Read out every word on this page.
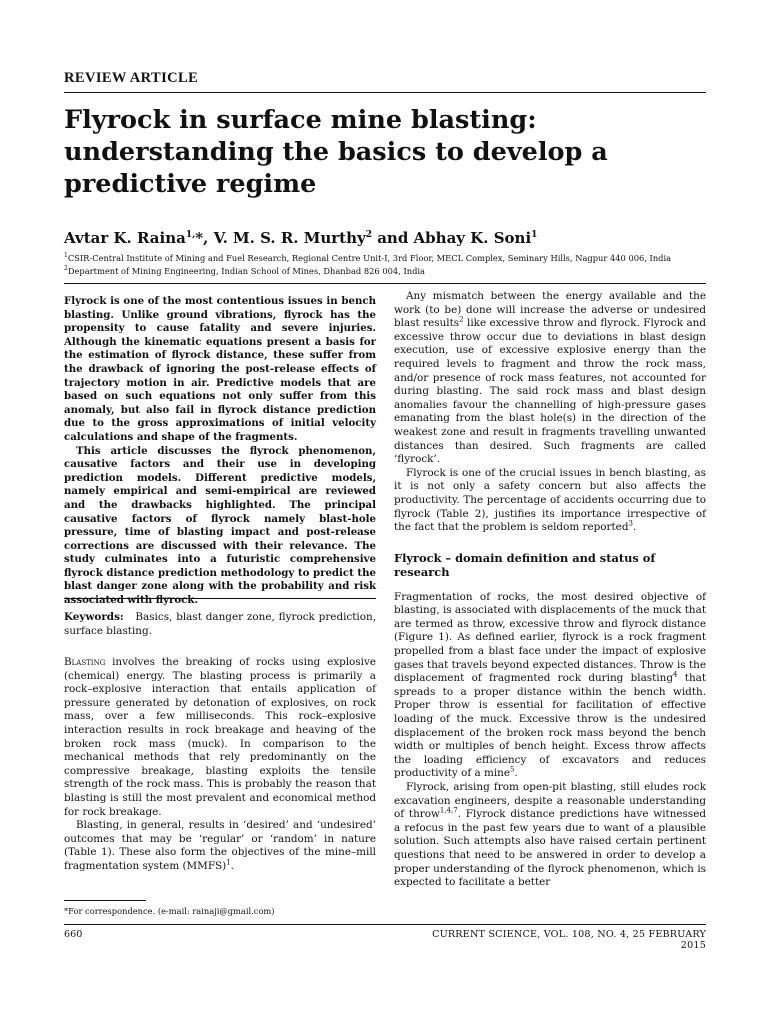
REVIEW ARTICLE
Flyrock in surface mine blasting:
understanding the basics to develop a
predictive regime
Avtar K. Raina$^{1,}$*, V. M. S. R. Murthy$^2$ and Abhay K. Soni$^1$
$^1$CSIR-Central Institute of Mining and Fuel Research, Regional Centre Unit-I, 3rd Floor, MECL Complex, Seminary Hills, Nagpur 440 006, India
$^2$Department of Mining Engineering, Indian School of Mines, Dhanbad 826 004, India

Flyrock is one of the most contentious issues in bench blasting. Unlike ground vibrations, flyrock has the propensity to cause fatality and severe injuries. Although the kinematic equations present a basis for the estimation of flyrock distance, these suffer from the drawback of ignoring the post-release effects of trajectory motion in air. Predictive models that are based on such equations not only suffer from this anomaly, but also fail in flyrock distance prediction due to the gross approximations of initial velocity calculations and shape of the fragments.

This article discusses the flyrock phenomenon, causative factors and their use in developing prediction models. Different predictive models, namely empirical and semi-empirical are reviewed and the drawbacks highlighted. The principal causative factors of flyrock namely blast-hole pressure, time of blasting impact and post-release corrections are discussed with their relevance. The study culminates into a futuristic comprehensive flyrock distance prediction methodology to predict the blast danger zone along with the probability and risk associated with flyrock.

Keywords: Basics, blast danger zone, flyrock prediction, surface blasting.

Blasting involves the breaking of rocks using explosive (chemical) energy. The blasting process is primarily a rock–explosive interaction that entails application of pressure generated by detonation of explosives, on rock mass, over a few milliseconds. This rock–explosive interaction results in rock breakage and heaving of the broken rock mass (muck). In comparison to the mechanical methods that rely predominantly on the compressive breakage, blasting exploits the tensile strength of the rock mass. This is probably the reason that blasting is still the most prevalent and economical method for rock breakage.

Blasting, in general, results in ‘desired’ and ‘undesired’ outcomes that may be ‘regular’ or ‘random’ in nature (Table 1). These also form the objectives of the mine–mill fragmentation system (MMFS)$^1$.

Any mismatch between the energy available and the work (to be) done will increase the adverse or undesired blast results$^2$ like excessive throw and flyrock. Flyrock and excessive throw occur due to deviations in blast design execution, use of excessive explosive energy than the required levels to fragment and throw the rock mass, and/or presence of rock mass features, not accounted for during blasting. The said rock mass and blast design anomalies favour the channelling of high-pressure gases emanating from the blast hole(s) in the direction of the weakest zone and result in fragments travelling unwanted distances than desired. Such fragments are called ‘flyrock’.

Flyrock is one of the crucial issues in bench blasting, as it is not only a safety concern but also affects the productivity. The percentage of accidents occurring due to flyrock (Table 2), justifies its importance irrespective of the fact that the problem is seldom reported$^3$.

Flyrock – domain definition and status of research

Fragmentation of rocks, the most desired objective of blasting, is associated with displacements of the muck that are termed as throw, excessive throw and flyrock distance (Figure 1). As defined earlier, flyrock is a rock fragment propelled from a blast face under the impact of explosive gases that travels beyond expected distances. Throw is the displacement of fragmented rock during blasting$^4$ that spreads to a proper distance within the bench width. Proper throw is essential for facilitation of effective loading of the muck. Excessive throw is the undesired displacement of the broken rock mass beyond the bench width or multiples of bench height. Excess throw affects the loading efficiency of excavators and reduces productivity of a mine$^5$.

Flyrock, arising from open-pit blasting, still eludes rock excavation engineers, despite a reasonable understanding of throw$^{1,4,7}$. Flyrock distance predictions have witnessed a refocus in the past few years due to want of a plausible solution. Such attempts also have raised certain pertinent questions that need to be answered in order to develop a proper understanding of the flyrock phenomenon, which is expected to facilitate a better

*For correspondence. (e-mail: rainaji@gmail.com)
660	CURRENT SCIENCE, VOL. 108, NO. 4, 25 FEBRUARY 2015
